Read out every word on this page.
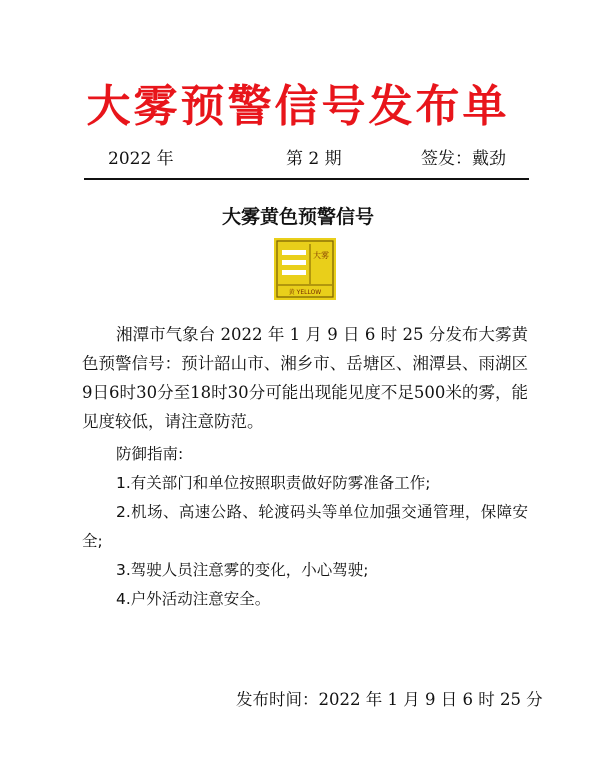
大雾预警信号发布单
2022 年	第 2 期	签发：戴劲
大雾黄色预警信号
大雾
黄 YELLOW
湘潭市气象台 2022 年 1 月 9 日 6 时 25 分发布大雾黄色预警信号：预计韶山市、湘乡市、岳塘区、湘潭县、雨湖区9日6时30分至18时30分可能出现能见度不足500米的雾，能见度较低，请注意防范。
防御指南:
1.有关部门和单位按照职责做好防雾准备工作;
2.机场、高速公路、轮渡码头等单位加强交通管理，保障安全;
3.驾驶人员注意雾的变化，小心驾驶;
4.户外活动注意安全。
发布时间：2022 年 1 月 9 日 6 时 25 分
